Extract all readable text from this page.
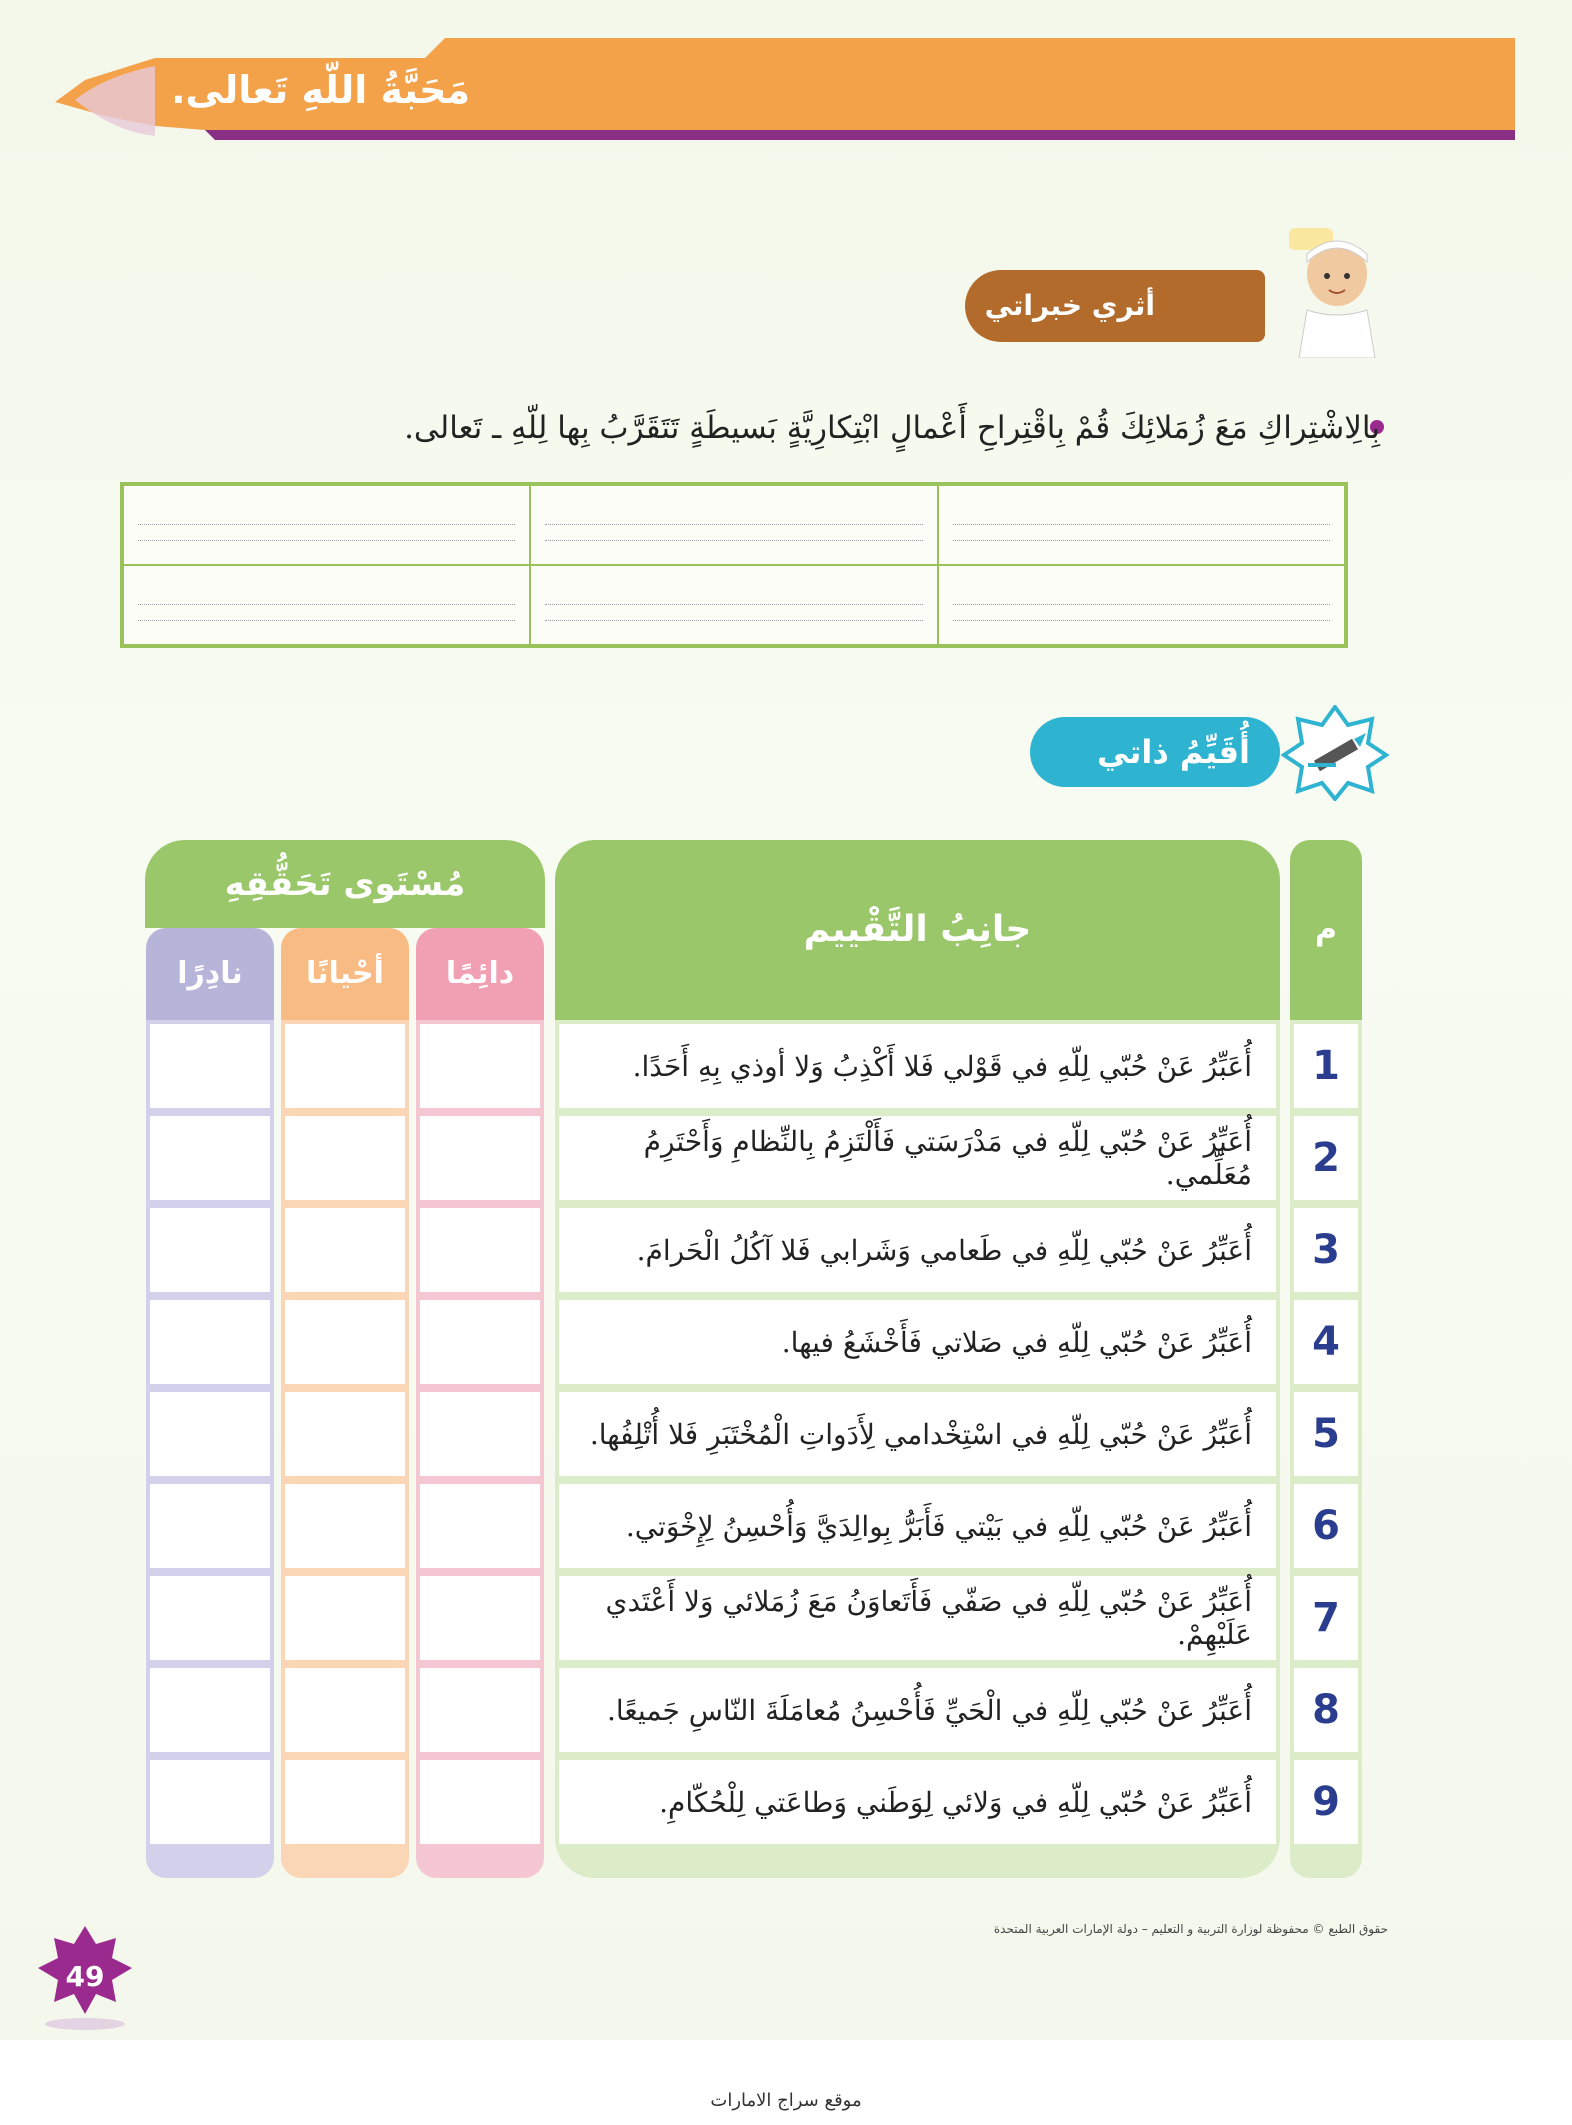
مَحَبَّةُ اللّهِ تَعالى.
أثري خبراتي
بِالِاشْتِراكِ مَعَ زُمَلائِكَ قُمْ بِاقْتِراحِ أَعْمالٍ ابْتِكارِيَّةٍ بَسيطَةٍ تَتَقَرَّبُ بِها لِلّهِ ـ تَعالى.
أُقَيِّمُ ذاتي
م
جانِبُ التَّقْييم
مُسْتَوى تَحَقُّقِهِ
دائِمًا
أحْيانًا
نادِرًا
1
أُعَبِّرُ عَنْ حُبّي لِلّهِ في قَوْلي فَلا أَكْذِبُ وَلا أوذي بِهِ أَحَدًا.
2
أُعَبِّرُ عَنْ حُبّي لِلّهِ في مَدْرَسَتي فَأَلْتَزِمُ بِالنِّظامِ وَأَحْتَرِمُ مُعَلِّمي.
3
أُعَبِّرُ عَنْ حُبّي لِلّهِ في طَعامي وَشَرابي فَلا آكُلُ الْحَرامَ.
4
أُعَبِّرُ عَنْ حُبّي لِلّهِ في صَلاتي فَأَخْشَعُ فيها.
5
أُعَبِّرُ عَنْ حُبّي لِلّهِ في اسْتِخْدامي لِأَدَواتِ الْمُخْتَبَرِ فَلا أُتْلِفُها.
6
أُعَبِّرُ عَنْ حُبّي لِلّهِ في بَيْتي فَأَبَرُّ بِوالِدَيَّ وَأُحْسِنُ لِإِخْوَتي.
7
أُعَبِّرُ عَنْ حُبّي لِلّهِ في صَفّي فَأَتَعاوَنُ مَعَ زُمَلائي وَلا أَعْتَدي عَلَيْهِمْ.
8
أُعَبِّرُ عَنْ حُبّي لِلّهِ في الْحَيِّ فَأُحْسِنُ مُعامَلَةَ النّاسِ جَميعًا.
9
أُعَبِّرُ عَنْ حُبّي لِلّهِ في وَلائي لِوَطَني وَطاعَتي لِلْحُكّامِ.
حقوق الطبع © محفوظة لوزارة التربية و التعليم – دولة الإمارات العربية المتحدة
49
موقع سراج الامارات
